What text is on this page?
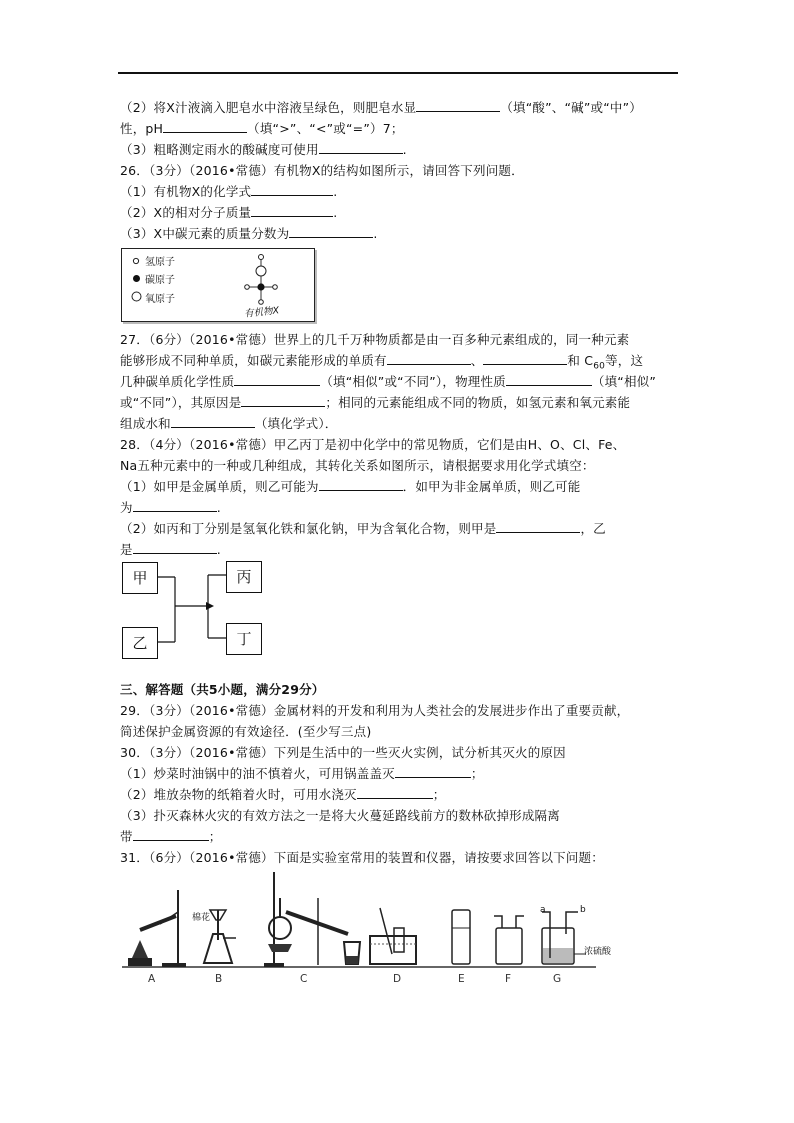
（2）将X汁液滴入肥皂水中溶液呈绿色，则肥皂水显	（填“酸”、“碱”或“中”）
性，pH	（填“>”、“<”或“=”）7；
（3）粗略测定雨水的酸碱度可使用	.
26．（3分）（2016•常德）有机物X的结构如图所示，请回答下列问题．
（1）有机物X的化学式	.
（2）X的相对分子质量	.
（3）X中碳元素的质量分数为	.
氢原子
碳原子
氧原子
有机物X
27．（6分）（2016•常德）世界上的几千万种物质都是由一百多种元素组成的，同一种元素
能够形成不同种单质，如碳元素能形成的单质有	、	和 $C_{60}$等，这
几种碳单质化学性质	（填“相似”或“不同”），物理性质	（填“相似”
或“不同”），其原因是	；相同的元素能组成不同的物质，如氢元素和氧元素能
组成水和	（填化学式）．
28．（4分）（2016•常德）甲乙丙丁是初中化学中的常见物质，它们是由H、O、Cl、Fe、
Na五种元素中的一种或几种组成，其转化关系如图所示，请根据要求用化学式填空：
（1）如甲是金属单质，则乙可能为	．如甲为非金属单质，则乙可能
为	.
（2）如丙和丁分别是氢氧化铁和氯化钠，甲为含氧化合物，则甲是	，乙
是	.
甲
乙
丙
丁
三、解答题（共5小题，满分29分）
29．（3分）（2016•常德）金属材料的开发和利用为人类社会的发展进步作出了重要贡献，
简述保护金属资源的有效途径．(至少写三点)
30．（3分）（2016•常德）下列是生活中的一些灭火实例，试分析其灭火的原因
（1）炒菜时油锅中的油不慎着火，可用锅盖盖灭	；
（2）堆放杂物的纸箱着火时，可用水浇灭	；
（3）扑灭森林火灾的有效方法之一是将大火蔓延路线前方的数林砍掉形成隔离
带	；
31．（6分）（2016•常德）下面是实验室常用的装置和仪器，请按要求回答以下问题：
棉花
浓硫酸
a	b
A	B	C	D	E	F	G
